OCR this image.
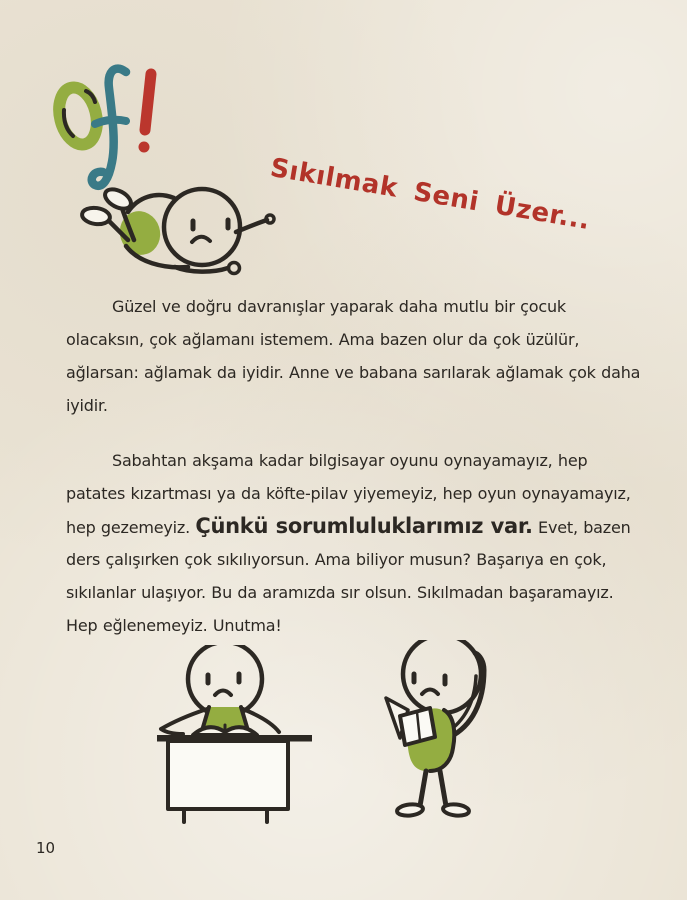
Sıkılmak Seni Üzer...
Güzel ve doğru davranışlar yaparak daha mutlu bir çocuk
olacaksın, çok ağlamanı istemem. Ama bazen olur da çok üzülür,
ağlarsan: ağlamak da iyidir. Anne ve babana sarılarak ağlamak çok daha
iyidir.
Sabahtan akşama kadar bilgisayar oyunu oynayamayız, hep
patates kızartması ya da köfte-pilav yiyemeyiz, hep oyun oynayamayız,
hep gezemeyiz. Çünkü sorumluluklarımız var. Evet, bazen
ders çalışırken çok sıkılıyorsun. Ama biliyor musun? Başarıya en çok,
sıkılanlar ulaşıyor. Bu da aramızda sır olsun. Sıkılmadan başaramayız.
Hep eğlenemeyiz. Unutma!
10
